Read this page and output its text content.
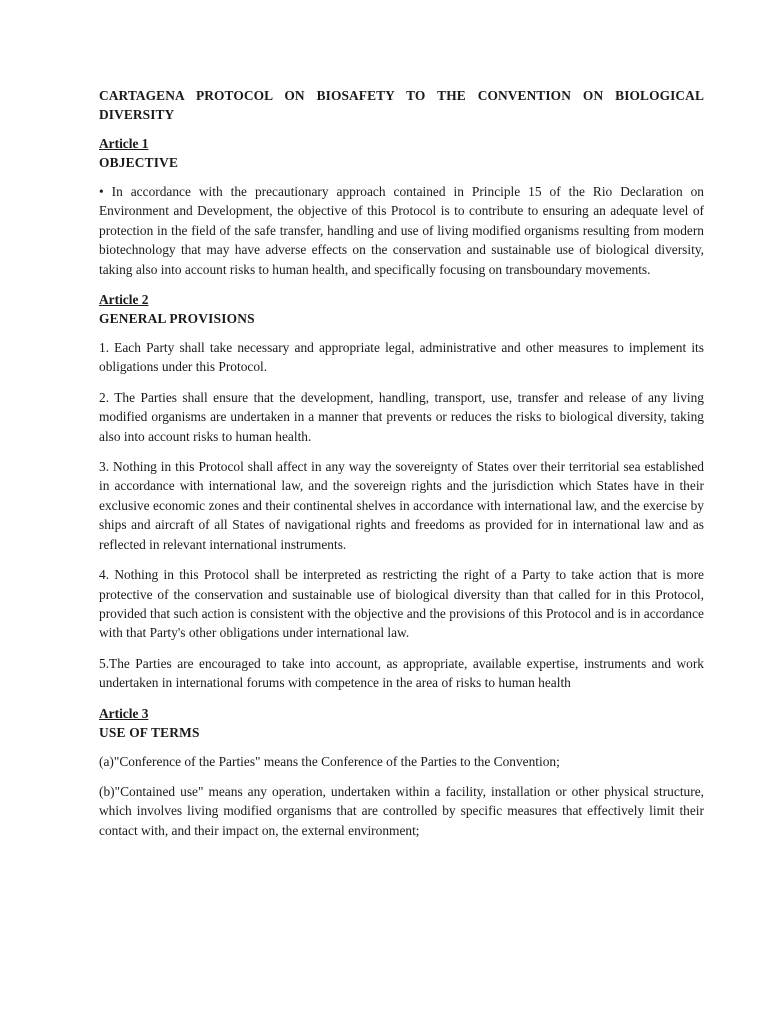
CARTAGENA PROTOCOL ON BIOSAFETY TO THE CONVENTION ON BIOLOGICAL DIVERSITY
Article 1
OBJECTIVE

• In accordance with the precautionary approach contained in Principle 15 of the Rio Declaration on Environment and Development, the objective of this Protocol is to contribute to ensuring an adequate level of protection in the field of the safe transfer, handling and use of living modified organisms resulting from modern biotechnology that may have adverse effects on the conservation and sustainable use of biological diversity, taking also into account risks to human health, and specifically focusing on transboundary movements.

Article 2
GENERAL PROVISIONS

1. Each Party shall take necessary and appropriate legal, administrative and other measures to implement its obligations under this Protocol.

2. The Parties shall ensure that the development, handling, transport, use, transfer and release of any living modified organisms are undertaken in a manner that prevents or reduces the risks to biological diversity, taking also into account risks to human health.

3. Nothing in this Protocol shall affect in any way the sovereignty of States over their territorial sea established in accordance with international law, and the sovereign rights and the jurisdiction which States have in their exclusive economic zones and their continental shelves in accordance with international law, and the exercise by ships and aircraft of all States of navigational rights and freedoms as provided for in international law and as reflected in relevant international instruments.

4. Nothing in this Protocol shall be interpreted as restricting the right of a Party to take action that is more protective of the conservation and sustainable use of biological diversity than that called for in this Protocol, provided that such action is consistent with the objective and the provisions of this Protocol and is in accordance with that Party's other obligations under international law.

5.The Parties are encouraged to take into account, as appropriate, available expertise, instruments and work undertaken in international forums with competence in the area of risks to human health

Article 3
USE OF TERMS

(a)"Conference of the Parties" means the Conference of the Parties to the Convention;

(b)"Contained use" means any operation, undertaken within a facility, installation or other physical structure, which involves living modified organisms that are controlled by specific measures that effectively limit their contact with, and their impact on, the external environment;
